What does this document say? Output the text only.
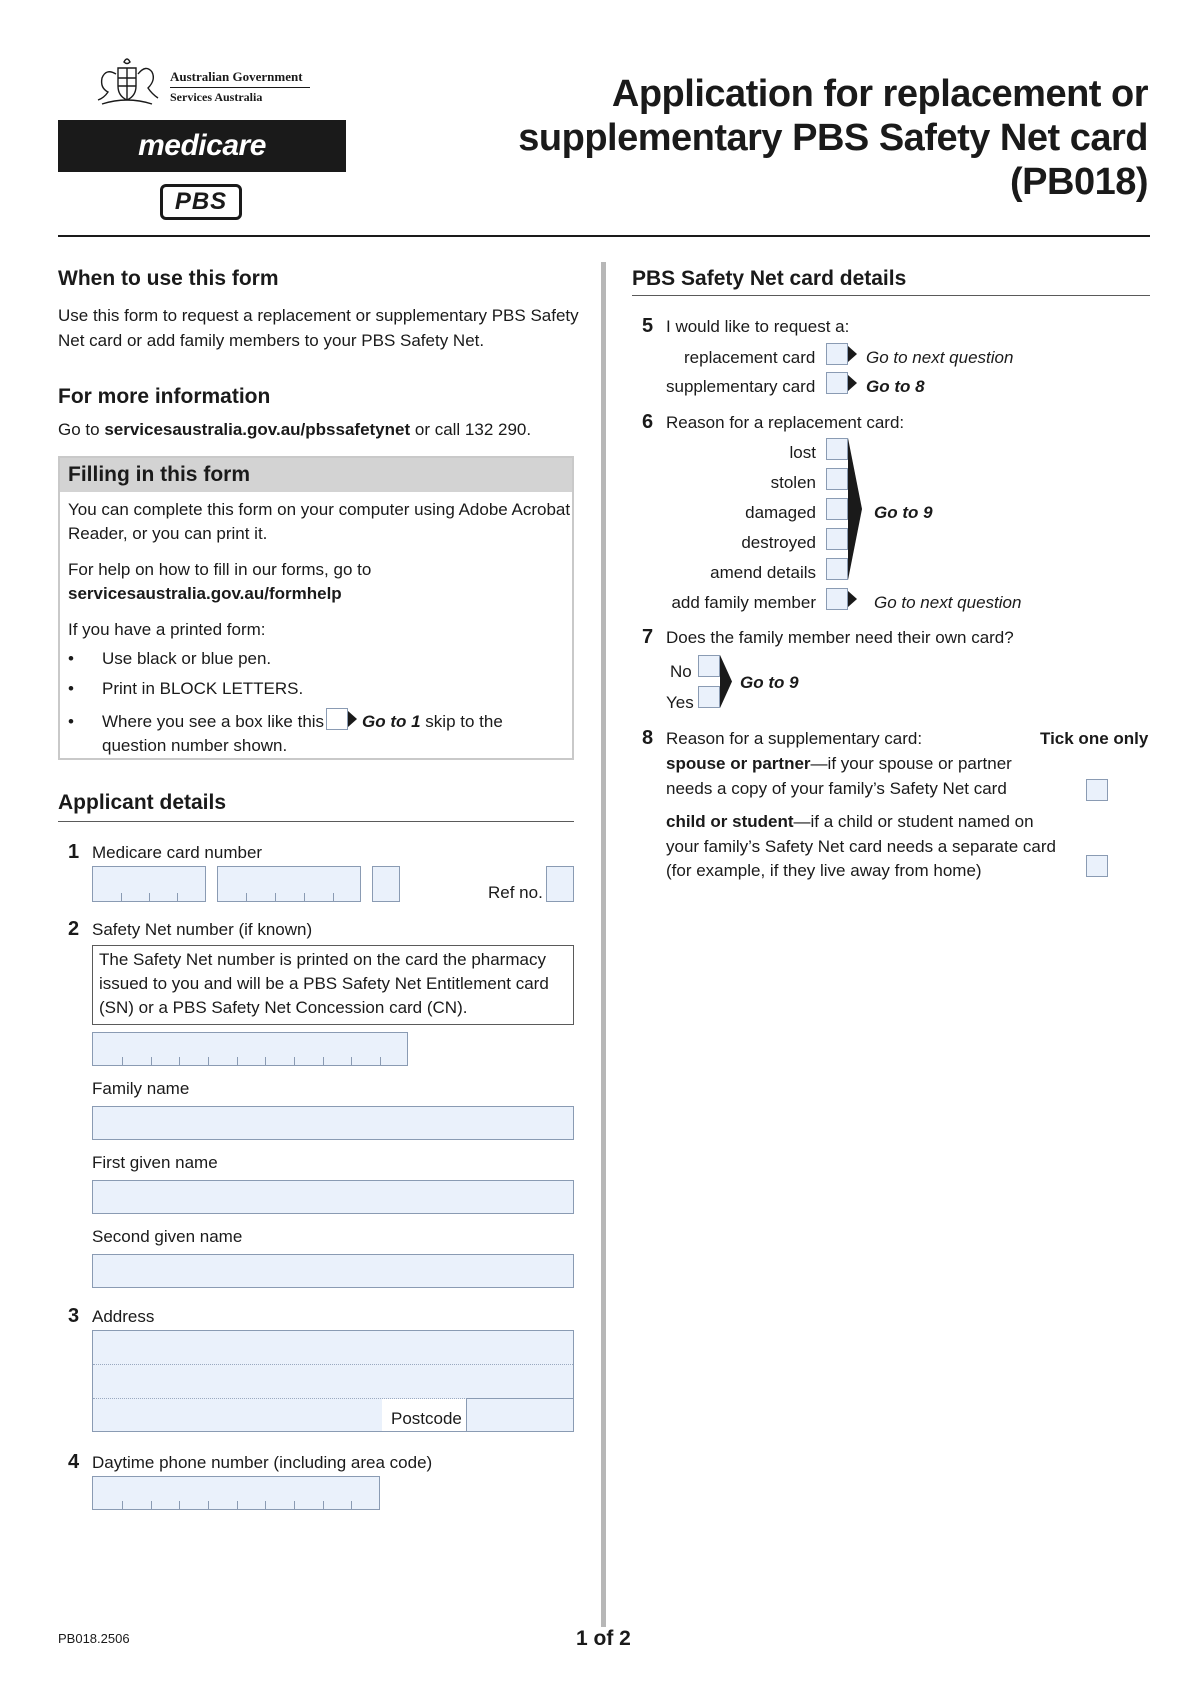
Australian Government
Services Australia
medicare
PBS
Application for replacement or
supplementary PBS Safety Net card (PB018)
When to use this form
Use this form to request a replacement or supplementary PBS Safety
Net card or add family members to your PBS Safety Net.
For more information
Go to servicesaustralia.gov.au/pbssafetynet or call 132 290.
Filling in this form
You can complete this form on your computer using Adobe Acrobat
Reader, or you can print it.
For help on how to fill in our forms, go to
servicesaustralia.gov.au/formhelp
If you have a printed form:
• Use black or blue pen.
• Print in BLOCK LETTERS.
• Where you see a box like this Go to 1 skip to the
question number shown.
Applicant details
1 Medicare card number
Ref no.
2 Safety Net number (if known)
The Safety Net number is printed on the card the pharmacy
issued to you and will be a PBS Safety Net Entitlement card
(SN) or a PBS Safety Net Concession card (CN).
Family name
First given name
Second given name
3 Address
Postcode
4 Daytime phone number (including area code)
PBS Safety Net card details
5 I would like to request a:
replacement card	Go to next question
supplementary card	Go to 8
6 Reason for a replacement card:
lost
stolen
damaged
destroyed
amend details
Go to 9
add family member	Go to next question
7 Does the family member need their own card?
No
Yes
Go to 9
8 Reason for a supplementary card:	Tick one only
spouse or partner—if your spouse or partner
needs a copy of your family’s Safety Net card
child or student—if a child or student named on
your family’s Safety Net card needs a separate card
(for example, if they live away from home)
PB018.2506	1 of 2
